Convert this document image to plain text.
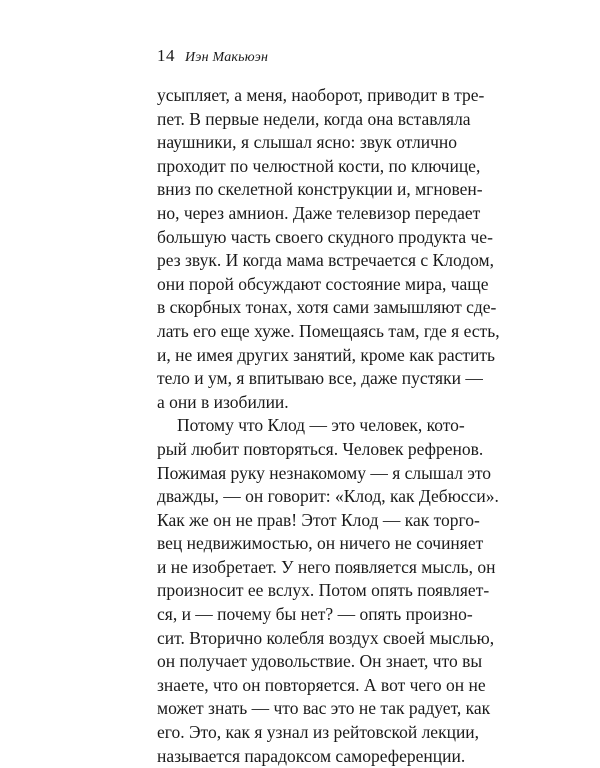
14 Иэн Макьюэн
усыпляет, а меня, наоборот, приводит в тре-
пет. В первые недели, когда она вставляла
наушники, я слышал ясно: звук отлично
проходит по челюстной кости, по ключице,
вниз по скелетной конструкции и, мгновен-
но, через амнион. Даже телевизор передает
большую часть своего скудного продукта че-
рез звук. И когда мама встречается с Клодом,
они порой обсуждают состояние мира, чаще
в скорбных тонах, хотя сами замышляют сде-
лать его еще хуже. Помещаясь там, где я есть,
и, не имея других занятий, кроме как растить
тело и ум, я впитываю все, даже пустяки —
а они в изобилии.
Потому что Клод — это человек, кото-
рый любит повторяться. Человек рефренов.
Пожимая руку незнакомому — я слышал это
дважды, — он говорит: «Клод, как Дебюсси».
Как же он не прав! Этот Клод — как торго-
вец недвижимостью, он ничего не сочиняет
и не изобретает. У него появляется мысль, он
произносит ее вслух. Потом опять появляет-
ся, и — почему бы нет? — опять произно-
сит. Вторично колебля воздух своей мыслью,
он получает удовольствие. Он знает, что вы
знаете, что он повторяется. А вот чего он не
может знать — что вас это не так радует, как
его. Это, как я узнал из рейтовской лекции,
называется парадоксом самореференции.
